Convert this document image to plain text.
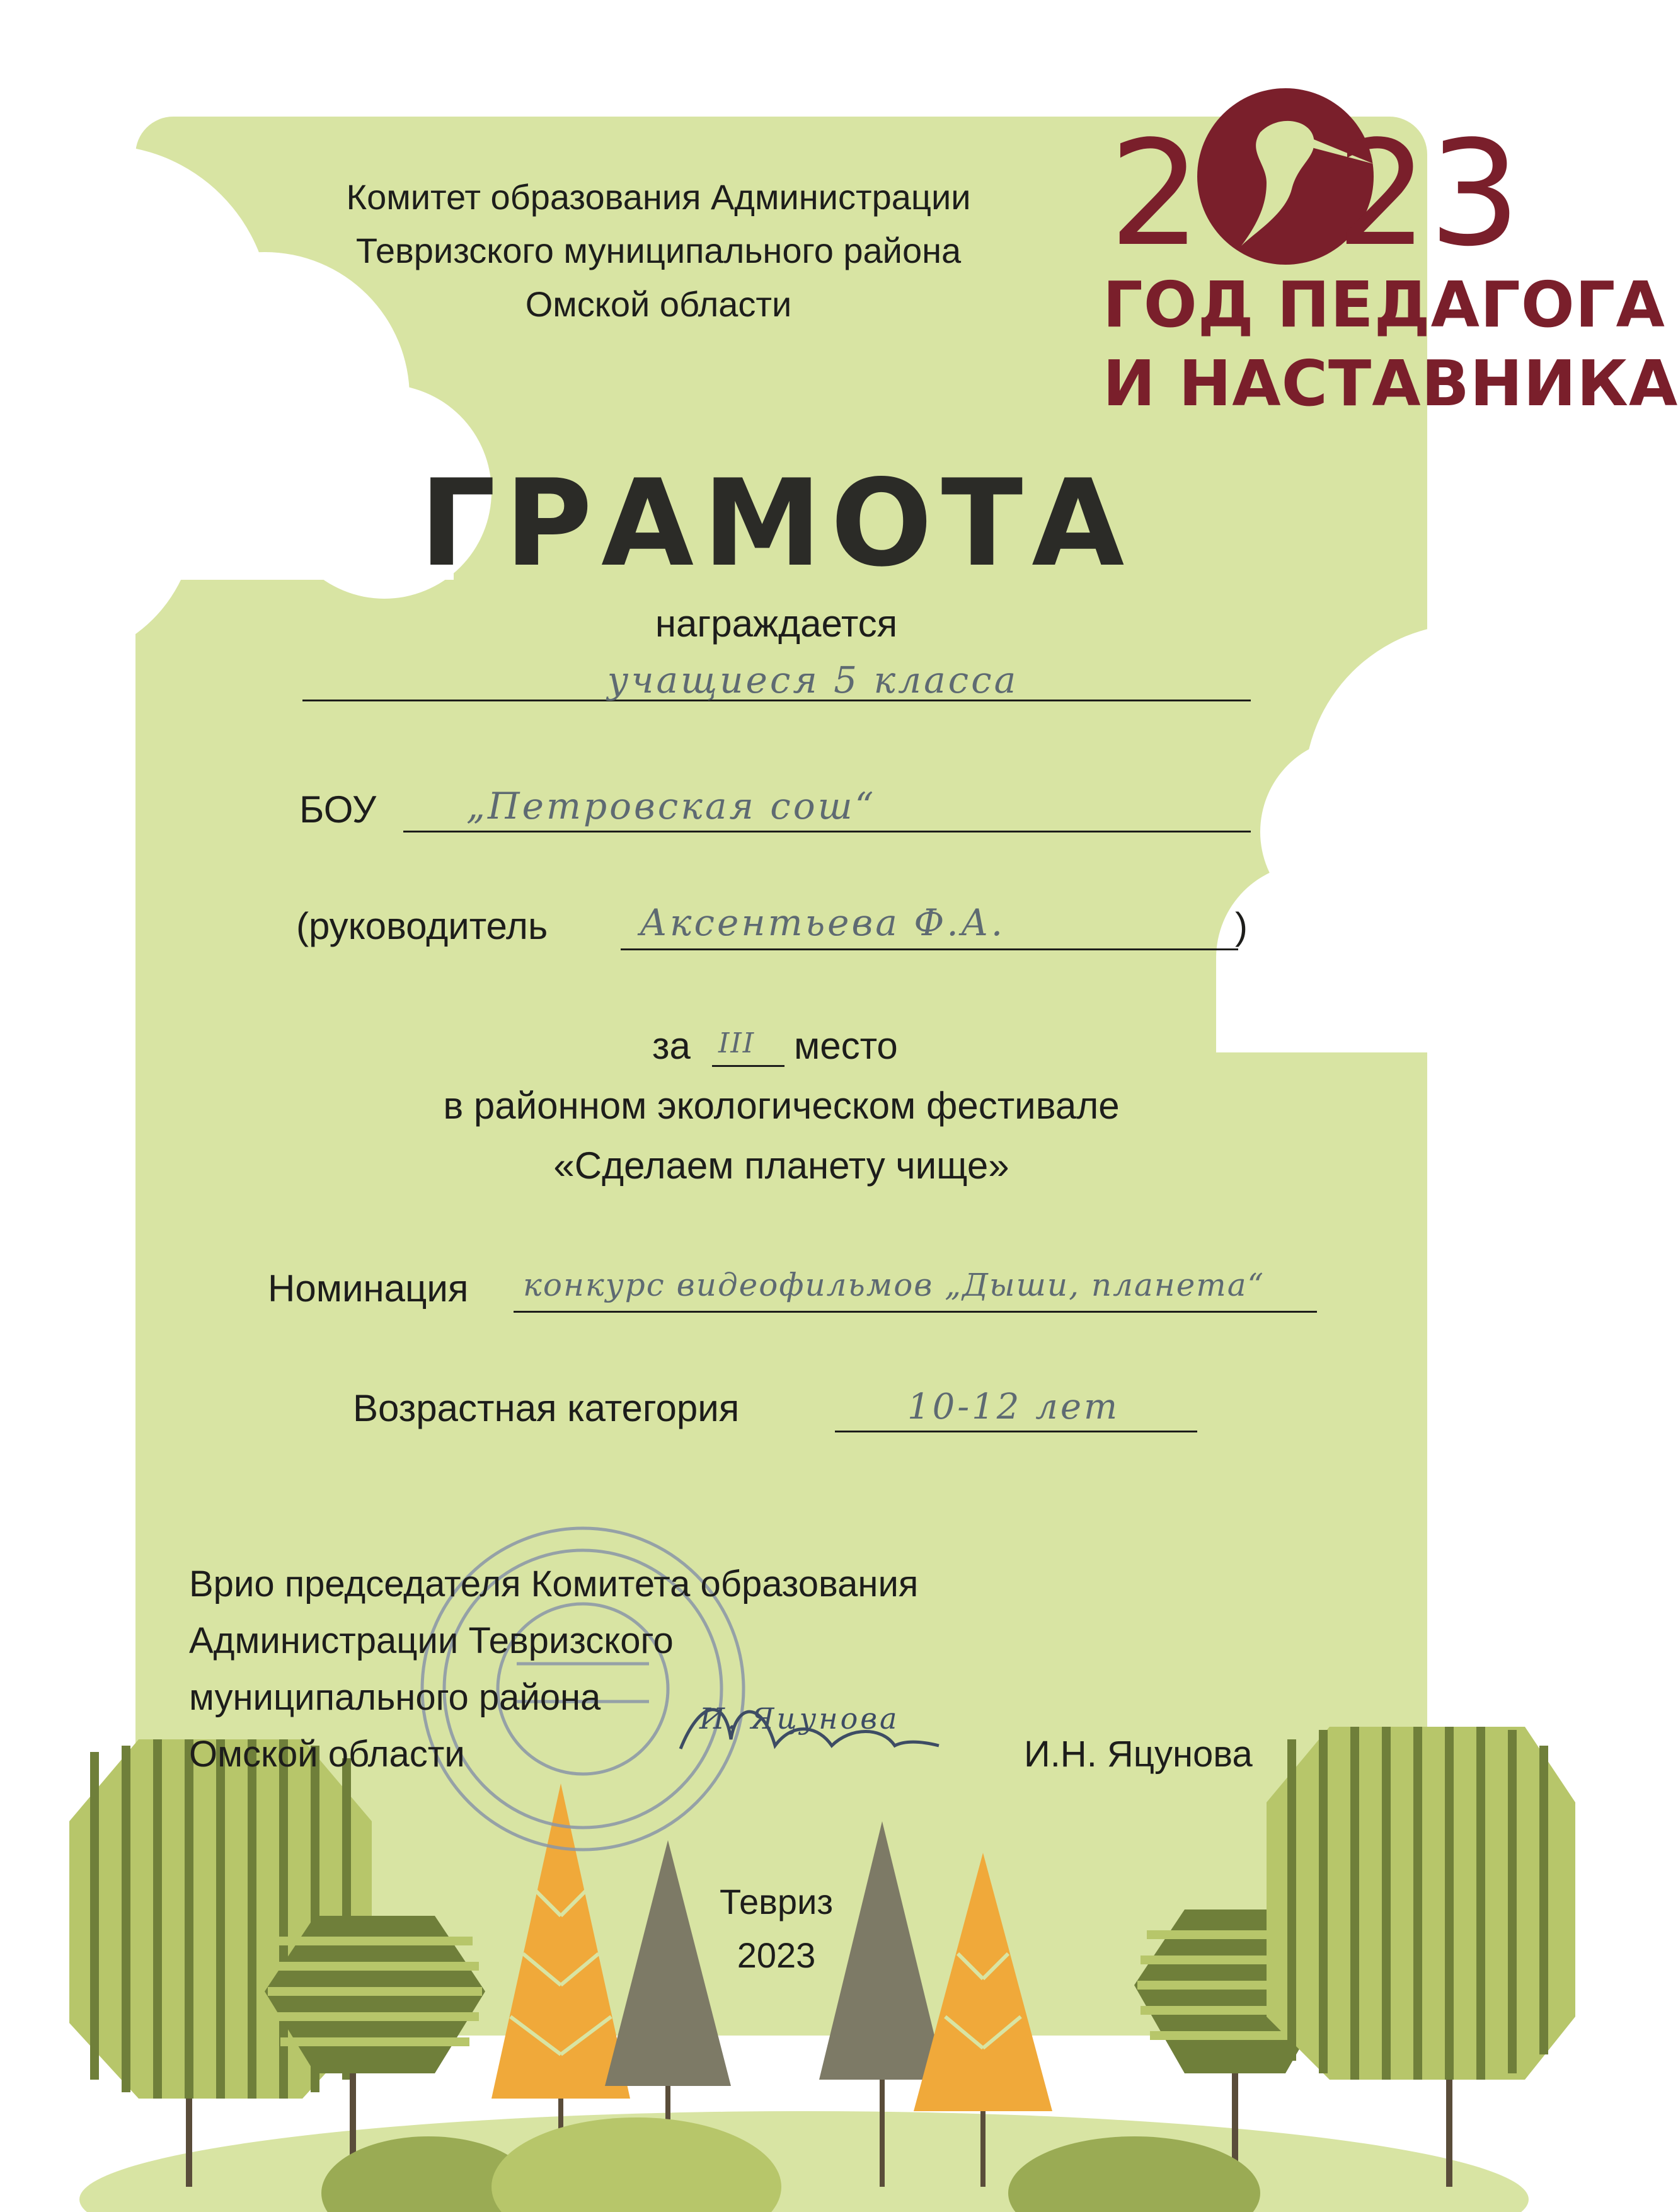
2 23
ГОД ПЕДАГОГА
И НАСТАВНИКА
Комитет образования Администрации
Тевризского муниципального района
Омской области
ГРАМОТА
награждается
учащиеся 5 класса
БОУ „Петровская сош“
(руководитель	Аксентьева Ф.А.	)
за III место
в районном экологическом фестивале
«Сделаем планету чище»
Номинация конкурс видеофильмов „Дыши, планета“
Возрастная категория	10-12 лет
Врио председателя Комитета образования
Администрации Тевризского
муниципального района
Омской области
И. Яцунова
И.Н. Яцунова
Тевриз
2023
